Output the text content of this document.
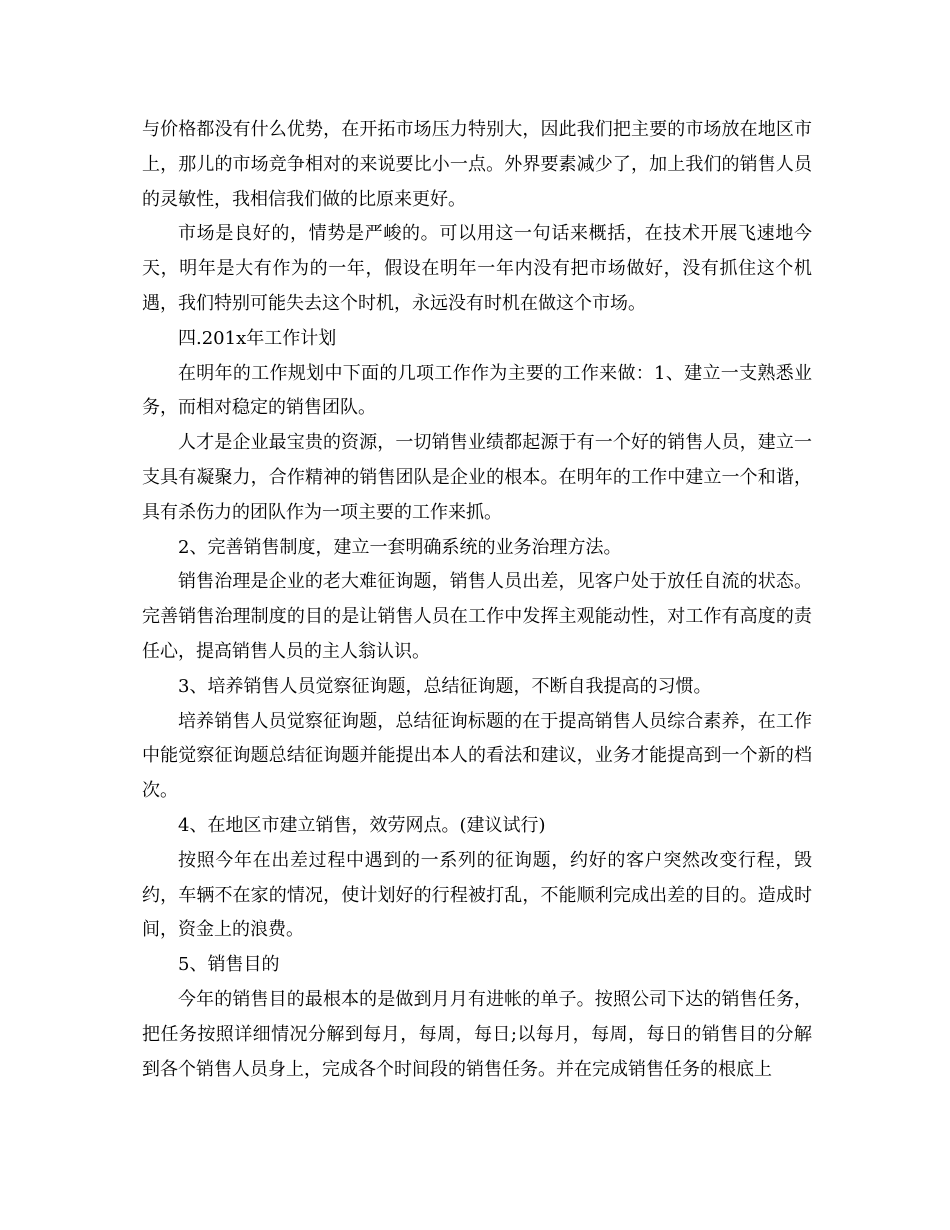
与价格都没有什么优势，在开拓市场压力特别大，因此我们把主要的市场放在地区市上，那儿的市场竞争相对的来说要比小一点。外界要素减少了，加上我们的销售人员的灵敏性，我相信我们做的比原来更好。

市场是良好的，情势是严峻的。可以用这一句话来概括，在技术开展飞速地今天，明年是大有作为的一年，假设在明年一年内没有把市场做好，没有抓住这个机遇，我们特别可能失去这个时机，永远没有时机在做这个市场。

四.201x年工作计划

在明年的工作规划中下面的几项工作作为主要的工作来做：1、建立一支熟悉业务，而相对稳定的销售团队。

人才是企业最宝贵的资源，一切销售业绩都起源于有一个好的销售人员，建立一支具有凝聚力，合作精神的销售团队是企业的根本。在明年的工作中建立一个和谐，具有杀伤力的团队作为一项主要的工作来抓。

2、完善销售制度，建立一套明确系统的业务治理方法。

销售治理是企业的老大难征询题，销售人员出差，见客户处于放任自流的状态。完善销售治理制度的目的是让销售人员在工作中发挥主观能动性，对工作有高度的责任心，提高销售人员的主人翁认识。

3、培养销售人员觉察征询题，总结征询题，不断自我提高的习惯。

培养销售人员觉察征询题，总结征询标题的在于提高销售人员综合素养，在工作中能觉察征询题总结征询题并能提出本人的看法和建议，业务才能提高到一个新的档次。

4、在地区市建立销售，效劳网点。(建议试行)

按照今年在出差过程中遇到的一系列的征询题，约好的客户突然改变行程，毁约，车辆不在家的情况，使计划好的行程被打乱，不能顺利完成出差的目的。造成时间，资金上的浪费。

5、销售目的

今年的销售目的最根本的是做到月月有进帐的单子。按照公司下达的销售任务，把任务按照详细情况分解到每月，每周，每日;以每月，每周，每日的销售目的分解到各个销售人员身上，完成各个时间段的销售任务。并在完成销售任务的根底上
